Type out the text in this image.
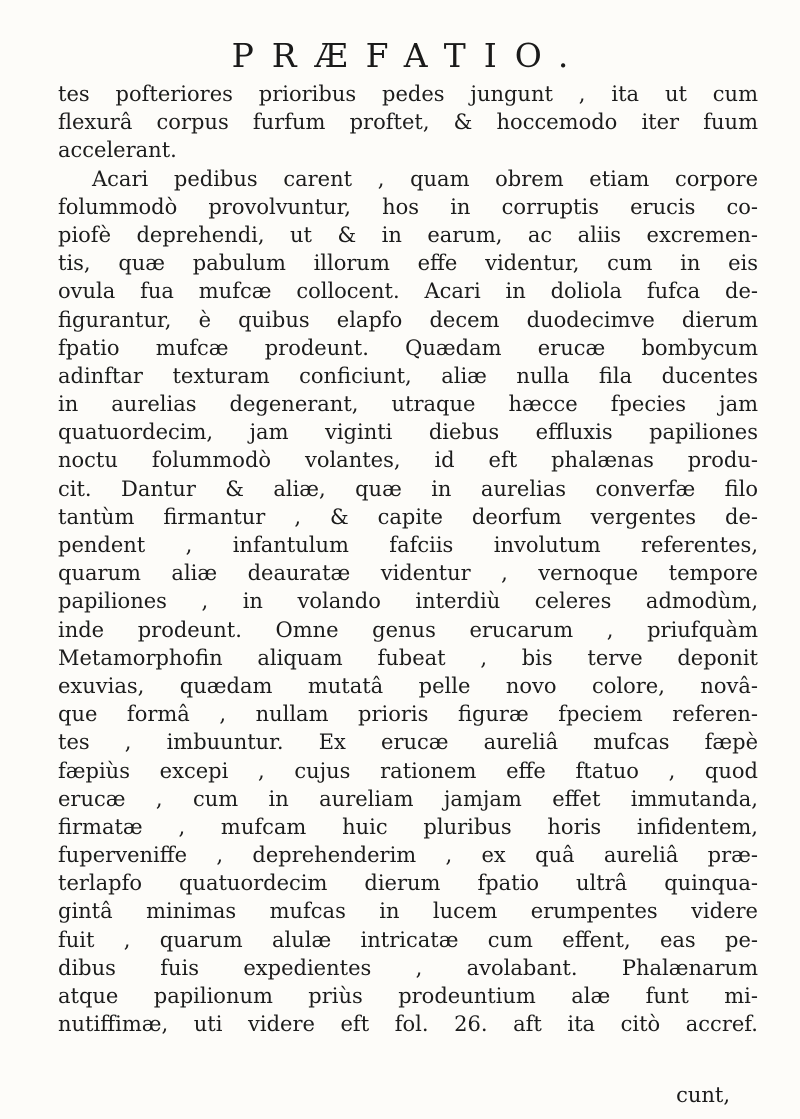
PRÆFATIO.
tes pofteriores prioribus pedes jungunt , ita ut cum
flexurâ corpus furfum proftet, & hoccemodo iter fuum
accelerant.
Acari pedibus carent , quam obrem etiam corpore
folummodò provolvuntur, hos in corruptis erucis co-
piofè deprehendi, ut & in earum, ac aliis excremen-
tis, quæ pabulum illorum effe videntur, cum in eis
ovula fua mufcæ collocent. Acari in doliola fufca de-
figurantur, è quibus elapfo decem duodecimve dierum
fpatio mufcæ prodeunt. Quædam erucæ bombycum
adinftar texturam conficiunt, aliæ nulla fila ducentes
in aurelias degenerant, utraque hæcce fpecies jam
quatuordecim, jam viginti diebus effluxis papiliones
noctu folummodò volantes, id eft phalænas produ-
cit. Dantur & aliæ, quæ in aurelias converfæ filo
tantùm firmantur , & capite deorfum vergentes de-
pendent , infantulum fafciis involutum referentes,
quarum aliæ deauratæ videntur , vernoque tempore
papiliones , in volando interdiù celeres admodùm,
inde prodeunt. Omne genus erucarum , priufquàm
Metamorphofin aliquam fubeat , bis terve deponit
exuvias, quædam mutatâ pelle novo colore, novâ-
que formâ , nullam prioris figuræ fpeciem referen-
tes , imbuuntur. Ex erucæ aureliâ mufcas fæpè
fæpiùs excepi , cujus rationem effe ftatuo , quod
erucæ , cum in aureliam jamjam effet immutanda,
firmatæ , mufcam huic pluribus horis infidentem,
fuperveniffe , deprehenderim , ex quâ aureliâ præ-
terlapfo quatuordecim dierum fpatio ultrâ quinqua-
gintâ minimas mufcas in lucem erumpentes videre
fuit , quarum alulæ intricatæ cum effent, eas pe-
dibus fuis expedientes , avolabant. Phalænarum
atque papilionum priùs prodeuntium alæ funt mi-
nutiffimæ, uti videre eft fol. 26. aft ita citò accref.
cunt,
